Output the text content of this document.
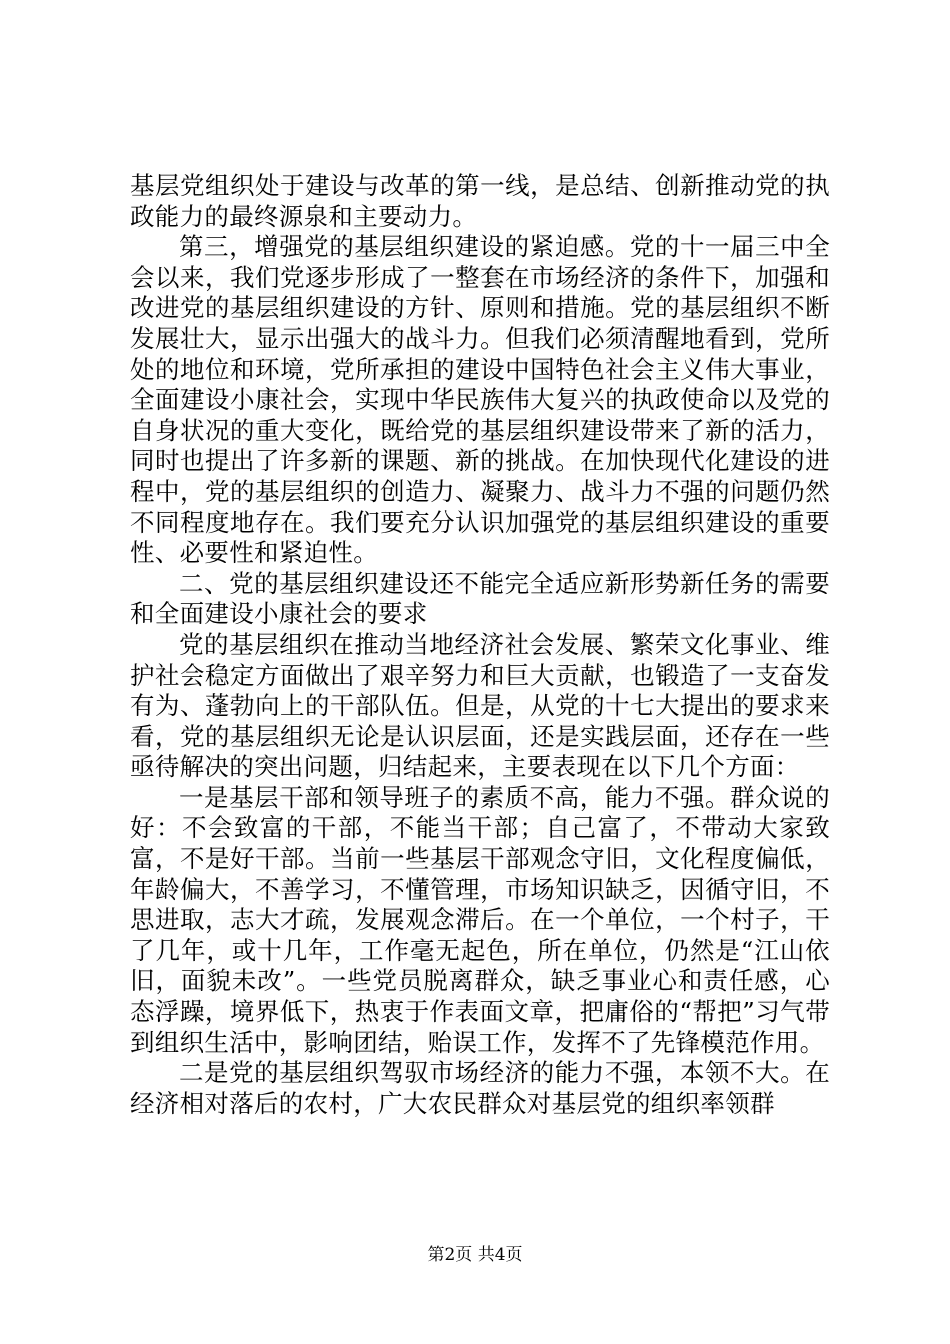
基层党组织处于建设与改革的第一线，是总结、创新推动党的执政能力的最终源泉和主要动力。

第三，增强党的基层组织建设的紧迫感。党的十一届三中全会以来，我们党逐步形成了一整套在市场经济的条件下，加强和改进党的基层组织建设的方针、原则和措施。党的基层组织不断发展壮大，显示出强大的战斗力。但我们必须清醒地看到，党所处的地位和环境，党所承担的建设中国特色社会主义伟大事业，全面建设小康社会，实现中华民族伟大复兴的执政使命以及党的自身状况的重大变化，既给党的基层组织建设带来了新的活力，同时也提出了许多新的课题、新的挑战。在加快现代化建设的进程中，党的基层组织的创造力、凝聚力、战斗力不强的问题仍然不同程度地存在。我们要充分认识加强党的基层组织建设的重要性、必要性和紧迫性。

二、党的基层组织建设还不能完全适应新形势新任务的需要和全面建设小康社会的要求

党的基层组织在推动当地经济社会发展、繁荣文化事业、维护社会稳定方面做出了艰辛努力和巨大贡献，也锻造了一支奋发有为、蓬勃向上的干部队伍。但是，从党的十七大提出的要求来看，党的基层组织无论是认识层面，还是实践层面，还存在一些亟待解决的突出问题，归结起来，主要表现在以下几个方面：

一是基层干部和领导班子的素质不高，能力不强。群众说的好：不会致富的干部，不能当干部；自己富了，不带动大家致富，不是好干部。当前一些基层干部观念守旧，文化程度偏低，年龄偏大，不善学习，不懂管理，市场知识缺乏，因循守旧，不思进取，志大才疏，发展观念滞后。在一个单位，一个村子，干了几年，或十几年，工作毫无起色，所在单位，仍然是“江山依旧，面貌未改”。一些党员脱离群众，缺乏事业心和责任感，心态浮躁，境界低下，热衷于作表面文章，把庸俗的“帮把”习气带到组织生活中，影响团结，贻误工作，发挥不了先锋模范作用。

二是党的基层组织驾驭市场经济的能力不强，本领不大。在经济相对落后的农村，广大农民群众对基层党的组织率领群

第2页 共4页
